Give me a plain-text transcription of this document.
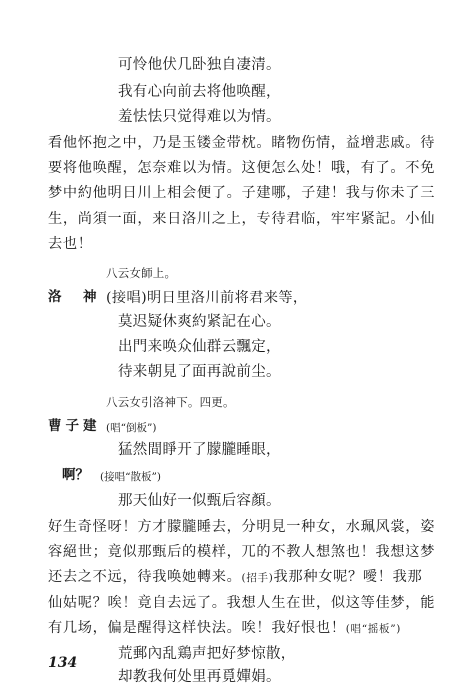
可怜他伏几卧独自凄清。
我有心向前去将他唤醒，
羞怯怯只觉得难以为情。
看他怀抱之中，乃是玉镂金带枕。睹物伤情，益增悲戚。待
要将他唤醒，怎奈难以为情。这便怎么处！哦，有了。不免
梦中約他明日川上相会便了。子建哪，子建！我与你未了三
生，尚須一面，来日洛川之上，专待君临，牢牢紧記。小仙
去也！
八云女師上。
洛　神 (接唱)明日里洛川前将君来等，
莫迟疑休爽約紧記在心。
出門来唤众仙群云飄定，
待来朝見了面再說前尘。
八云女引洛神下。四更。
曹子建 (唱“倒板”)
猛然間睜开了朦朧睡眼，
啊？ (接唱“散板”)
那天仙好一似甄后容顏。
好生奇怪呀！方才朦朧睡去，分明見一种女，水珮风裳，姿
容絕世；竟似那甄后的模样，兀的不教人想煞也！我想这梦
还去之不远，待我唤她轉来。(招手)我那种女呢？噯！我那
仙姑呢？唉！竟自去远了。我想人生在世，似这等佳梦，能
有几场，偏是醒得这样快法。唉！我好恨也！(唱“摇板”)
荒郵內乱鶏声把好梦惊散，
却教我何处里再覓嬋娟。
134
